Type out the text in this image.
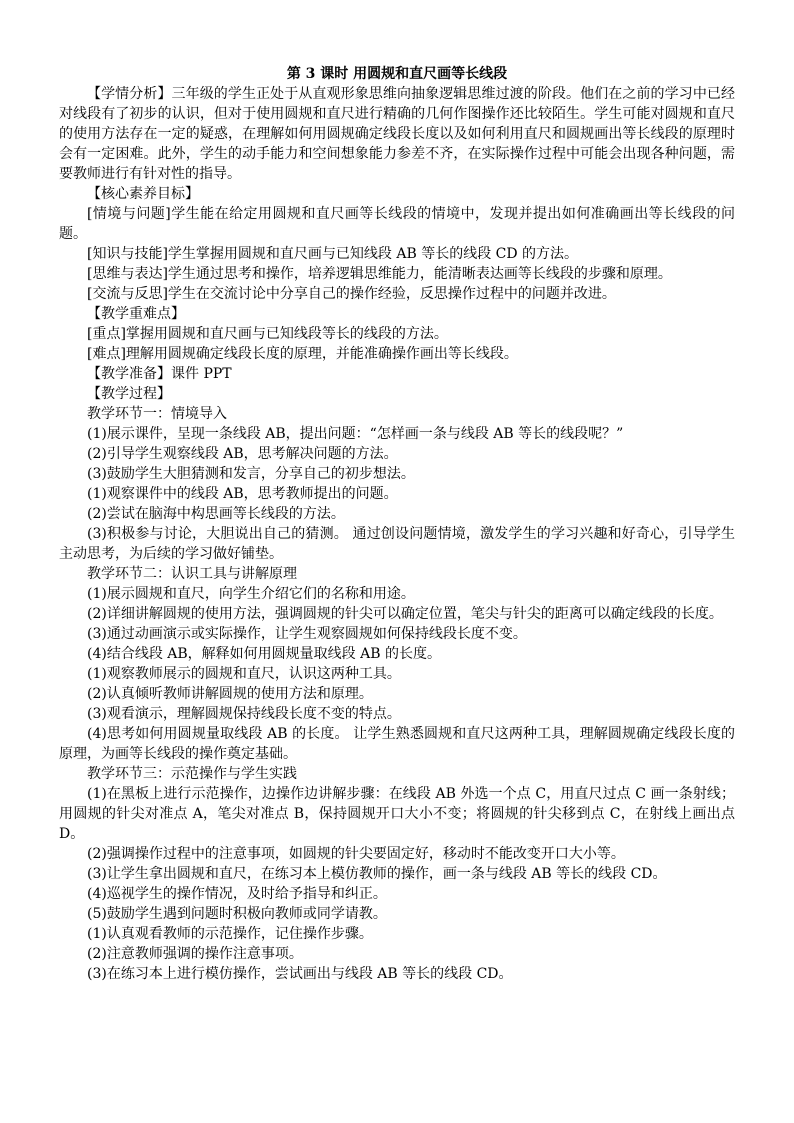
第 3 课时 用圆规和直尺画等长线段
【学情分析】三年级的学生正处于从直观形象思维向抽象逻辑思维过渡的阶段。他们在之前的学习中已经对线段有了初步的认识，但对于使用圆规和直尺进行精确的几何作图操作还比较陌生。学生可能对圆规和直尺的使用方法存在一定的疑惑，在理解如何用圆规确定线段长度以及如何利用直尺和圆规画出等长线段的原理时会有一定困难。此外，学生的动手能力和空间想象能力参差不齐，在实际操作过程中可能会出现各种问题，需要教师进行有针对性的指导。
【核心素养目标】
[情境与问题]学生能在给定用圆规和直尺画等长线段的情境中，发现并提出如何准确画出等长线段的问题。
[知识与技能]学生掌握用圆规和直尺画与已知线段 AB 等长的线段 CD 的方法。
[思维与表达]学生通过思考和操作，培养逻辑思维能力，能清晰表达画等长线段的步骤和原理。
[交流与反思]学生在交流讨论中分享自己的操作经验，反思操作过程中的问题并改进。
【教学重难点】
[重点]掌握用圆规和直尺画与已知线段等长的线段的方法。
[难点]理解用圆规确定线段长度的原理，并能准确操作画出等长线段。
【教学准备】课件 PPT
【教学过程】
教学环节一：情境导入
(1)展示课件，呈现一条线段 AB，提出问题：“怎样画一条与线段 AB 等长的线段呢？”
(2)引导学生观察线段 AB，思考解决问题的方法。
(3)鼓励学生大胆猜测和发言，分享自己的初步想法。
(1)观察课件中的线段 AB，思考教师提出的问题。
(2)尝试在脑海中构思画等长线段的方法。
(3)积极参与讨论，大胆说出自己的猜测。 通过创设问题情境，激发学生的学习兴趣和好奇心，引导学生主动思考，为后续的学习做好铺垫。
教学环节二：认识工具与讲解原理
(1)展示圆规和直尺，向学生介绍它们的名称和用途。
(2)详细讲解圆规的使用方法，强调圆规的针尖可以确定位置，笔尖与针尖的距离可以确定线段的长度。
(3)通过动画演示或实际操作，让学生观察圆规如何保持线段长度不变。
(4)结合线段 AB，解释如何用圆规量取线段 AB 的长度。
(1)观察教师展示的圆规和直尺，认识这两种工具。
(2)认真倾听教师讲解圆规的使用方法和原理。
(3)观看演示，理解圆规保持线段长度不变的特点。
(4)思考如何用圆规量取线段 AB 的长度。 让学生熟悉圆规和直尺这两种工具，理解圆规确定线段长度的原理，为画等长线段的操作奠定基础。
教学环节三：示范操作与学生实践
(1)在黑板上进行示范操作，边操作边讲解步骤：在线段 AB 外选一个点 C，用直尺过点 C 画一条射线；用圆规的针尖对准点 A，笔尖对准点 B，保持圆规开口大小不变；将圆规的针尖移到点 C，在射线上画出点 D。
(2)强调操作过程中的注意事项，如圆规的针尖要固定好，移动时不能改变开口大小等。
(3)让学生拿出圆规和直尺，在练习本上模仿教师的操作，画一条与线段 AB 等长的线段 CD。
(4)巡视学生的操作情况，及时给予指导和纠正。
(5)鼓励学生遇到问题时积极向教师或同学请教。
(1)认真观看教师的示范操作，记住操作步骤。
(2)注意教师强调的操作注意事项。
(3)在练习本上进行模仿操作，尝试画出与线段 AB 等长的线段 CD。
